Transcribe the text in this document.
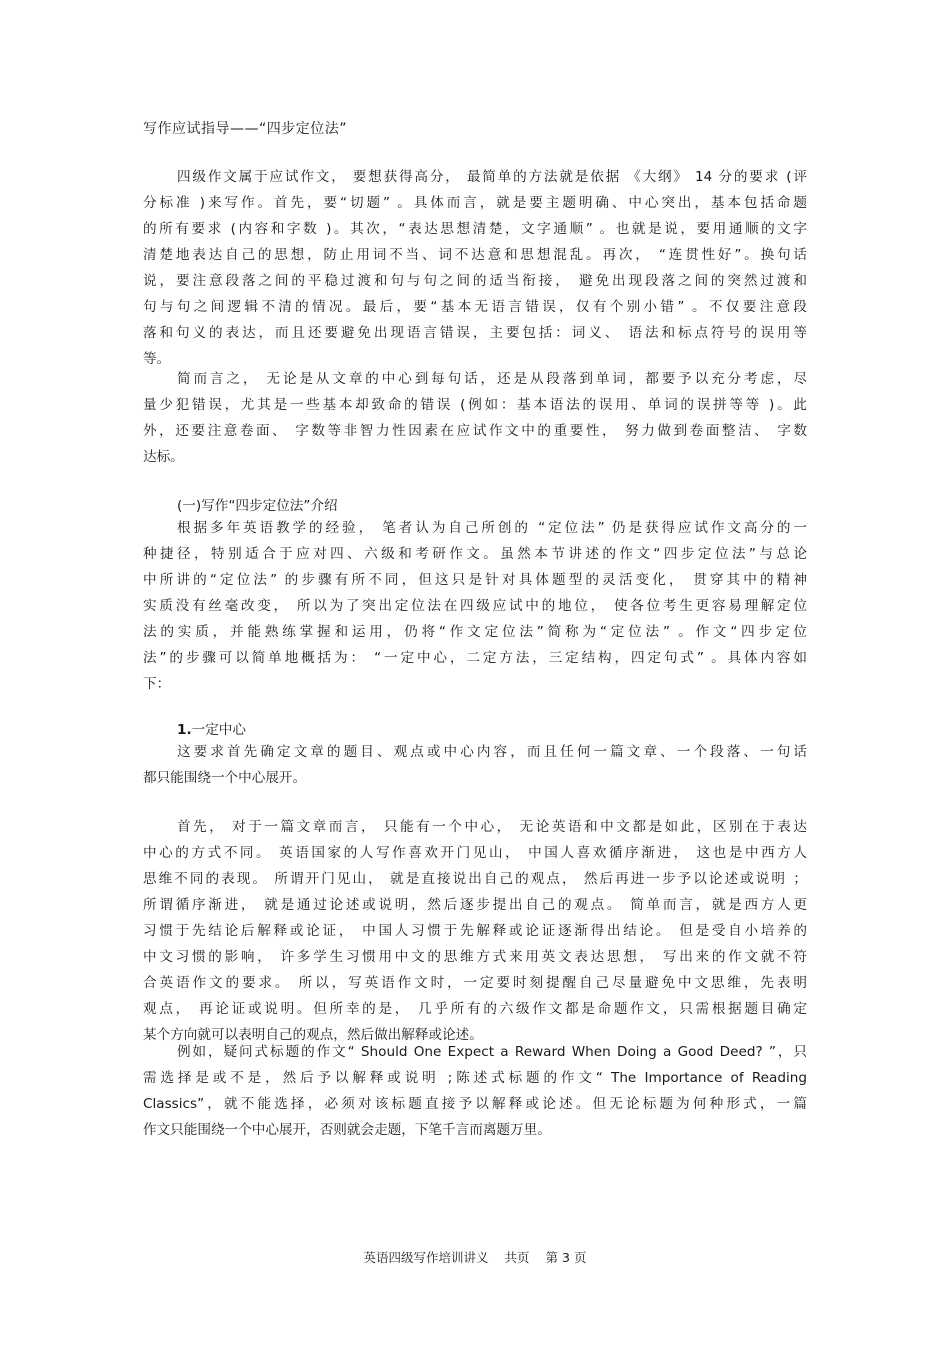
写作应试指导——“四步定位法”
四级作文属于应试作文， 要想获得高分， 最简单的方法就是依据 《大纲》 14 分的要求 (评
分标准 )来写作。首先，要“切题” 。具体而言，就是要主题明确、中心突出，基本包括命题
的所有要求 (内容和字数 )。其次，“表达思想清楚，文字通顺” 。也就是说，要用通顺的文字
清楚地表达自己的思想，防止用词不当、词不达意和思想混乱。再次， “连贯性好”。换句话
说，要注意段落之间的平稳过渡和句与句之间的适当衔接， 避免出现段落之间的突然过渡和
句与句之间逻辑不清的情况。最后，要“基本无语言错误，仅有个别小错” 。不仅要注意段
落和句义的表达，而且还要避免出现语言错误，主要包括：词义、 语法和标点符号的误用等
等。
简而言之， 无论是从文章的中心到每句话，还是从段落到单词，都要予以充分考虑，尽
量少犯错误，尤其是一些基本却致命的错误 (例如：基本语法的误用、单词的误拼等等 )。此
外，还要注意卷面、 字数等非智力性因素在应试作文中的重要性， 努力做到卷面整洁、 字数
达标。
(一)写作“四步定位法”介绍
根据多年英语教学的经验， 笔者认为自己所创的 “定位法” 仍是获得应试作文高分的一
种捷径，特别适合于应对四、六级和考研作文。虽然本节讲述的作文“四步定位法”与总论
中所讲的“定位法” 的步骤有所不同，但这只是针对具体题型的灵活变化， 贯穿其中的精神
实质没有丝毫改变， 所以为了突出定位法在四级应试中的地位， 使各位考生更容易理解定位
法的实质，并能熟练掌握和运用，仍将“作文定位法”简称为“定位法” 。作文“四步定位
法”的步骤可以简单地概括为： “一定中心，二定方法，三定结构，四定句式” 。具体内容如
下：
1.一定中心
这要求首先确定文章的题目、观点或中心内容，而且任何一篇文章、一个段落、一句话
都只能围绕一个中心展开。
首先， 对于一篇文章而言， 只能有一个中心， 无论英语和中文都是如此，区别在于表达
中心的方式不同。 英语国家的人写作喜欢开门见山， 中国人喜欢循序渐进， 这也是中西方人
思维不同的表现。 所谓开门见山， 就是直接说出自己的观点， 然后再进一步予以论述或说明 ；
所谓循序渐进， 就是通过论述或说明，然后逐步提出自己的观点。 简单而言，就是西方人更
习惯于先结论后解释或论证， 中国人习惯于先解释或论证逐渐得出结论。 但是受自小培养的
中文习惯的影响， 许多学生习惯用中文的思维方式来用英文表达思想， 写出来的作文就不符
合英语作文的要求。 所以，写英语作文时，一定要时刻提醒自己尽量避免中文思维，先表明
观点， 再论证或说明。但所幸的是， 几乎所有的六级作文都是命题作文，只需根据题目确定
某个方向就可以表明自己的观点，然后做出解释或论述。
例如，疑问式标题的作文“ Should One Expect a Reward When Doing a Good Deed? ”，只
需选择是或不是，然后予以解释或说明 ;陈述式标题的作文“ The Importance of Reading
Classics”，就不能选择，必须对该标题直接予以解释或论述。但无论标题为何种形式，一篇
作文只能围绕一个中心展开，否则就会走题，下笔千言而离题万里。
英语四级写作培训讲义 共页 第 3 页
